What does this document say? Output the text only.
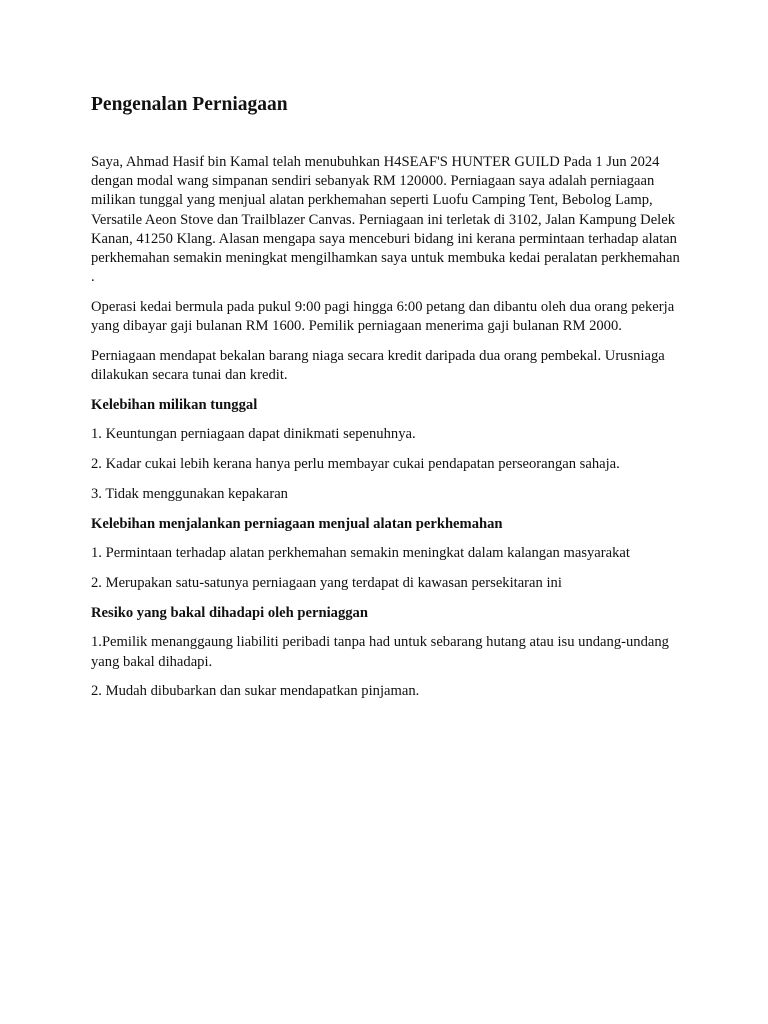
Pengenalan Perniagaan

Saya, Ahmad Hasif bin Kamal telah menubuhkan H4SEAF'S HUNTER GUILD Pada 1 Jun 2024 dengan modal wang simpanan sendiri sebanyak RM 120000. Perniagaan saya adalah perniagaan milikan tunggal yang menjual alatan perkhemahan seperti Luofu Camping Tent, Bebolog Lamp, Versatile Aeon Stove dan Trailblazer Canvas. Perniagaan ini terletak di 3102, Jalan Kampung Delek Kanan, 41250 Klang. Alasan mengapa saya menceburi bidang ini kerana permintaan terhadap alatan perkhemahan semakin meningkat mengilhamkan saya untuk membuka kedai peralatan perkhemahan .

Operasi kedai bermula pada pukul 9:00 pagi hingga 6:00 petang dan dibantu oleh dua orang pekerja yang dibayar gaji bulanan RM 1600. Pemilik perniagaan menerima gaji bulanan RM 2000.

Perniagaan mendapat bekalan barang niaga secara kredit daripada dua orang pembekal. Urusniaga dilakukan secara tunai dan kredit.

Kelebihan milikan tunggal

1. Keuntungan perniagaan dapat dinikmati sepenuhnya.

2. Kadar cukai lebih kerana hanya perlu membayar cukai pendapatan perseorangan sahaja.

3. Tidak menggunakan kepakaran

Kelebihan menjalankan perniagaan menjual alatan perkhemahan

1. Permintaan terhadap alatan perkhemahan semakin meningkat dalam kalangan masyarakat

2. Merupakan satu-satunya perniagaan yang terdapat di kawasan persekitaran ini

Resiko yang bakal dihadapi oleh perniaggan

1.Pemilik menanggaung liabiliti peribadi tanpa had untuk sebarang hutang atau isu undang-undang yang bakal dihadapi.

2. Mudah dibubarkan dan sukar mendapatkan pinjaman.
